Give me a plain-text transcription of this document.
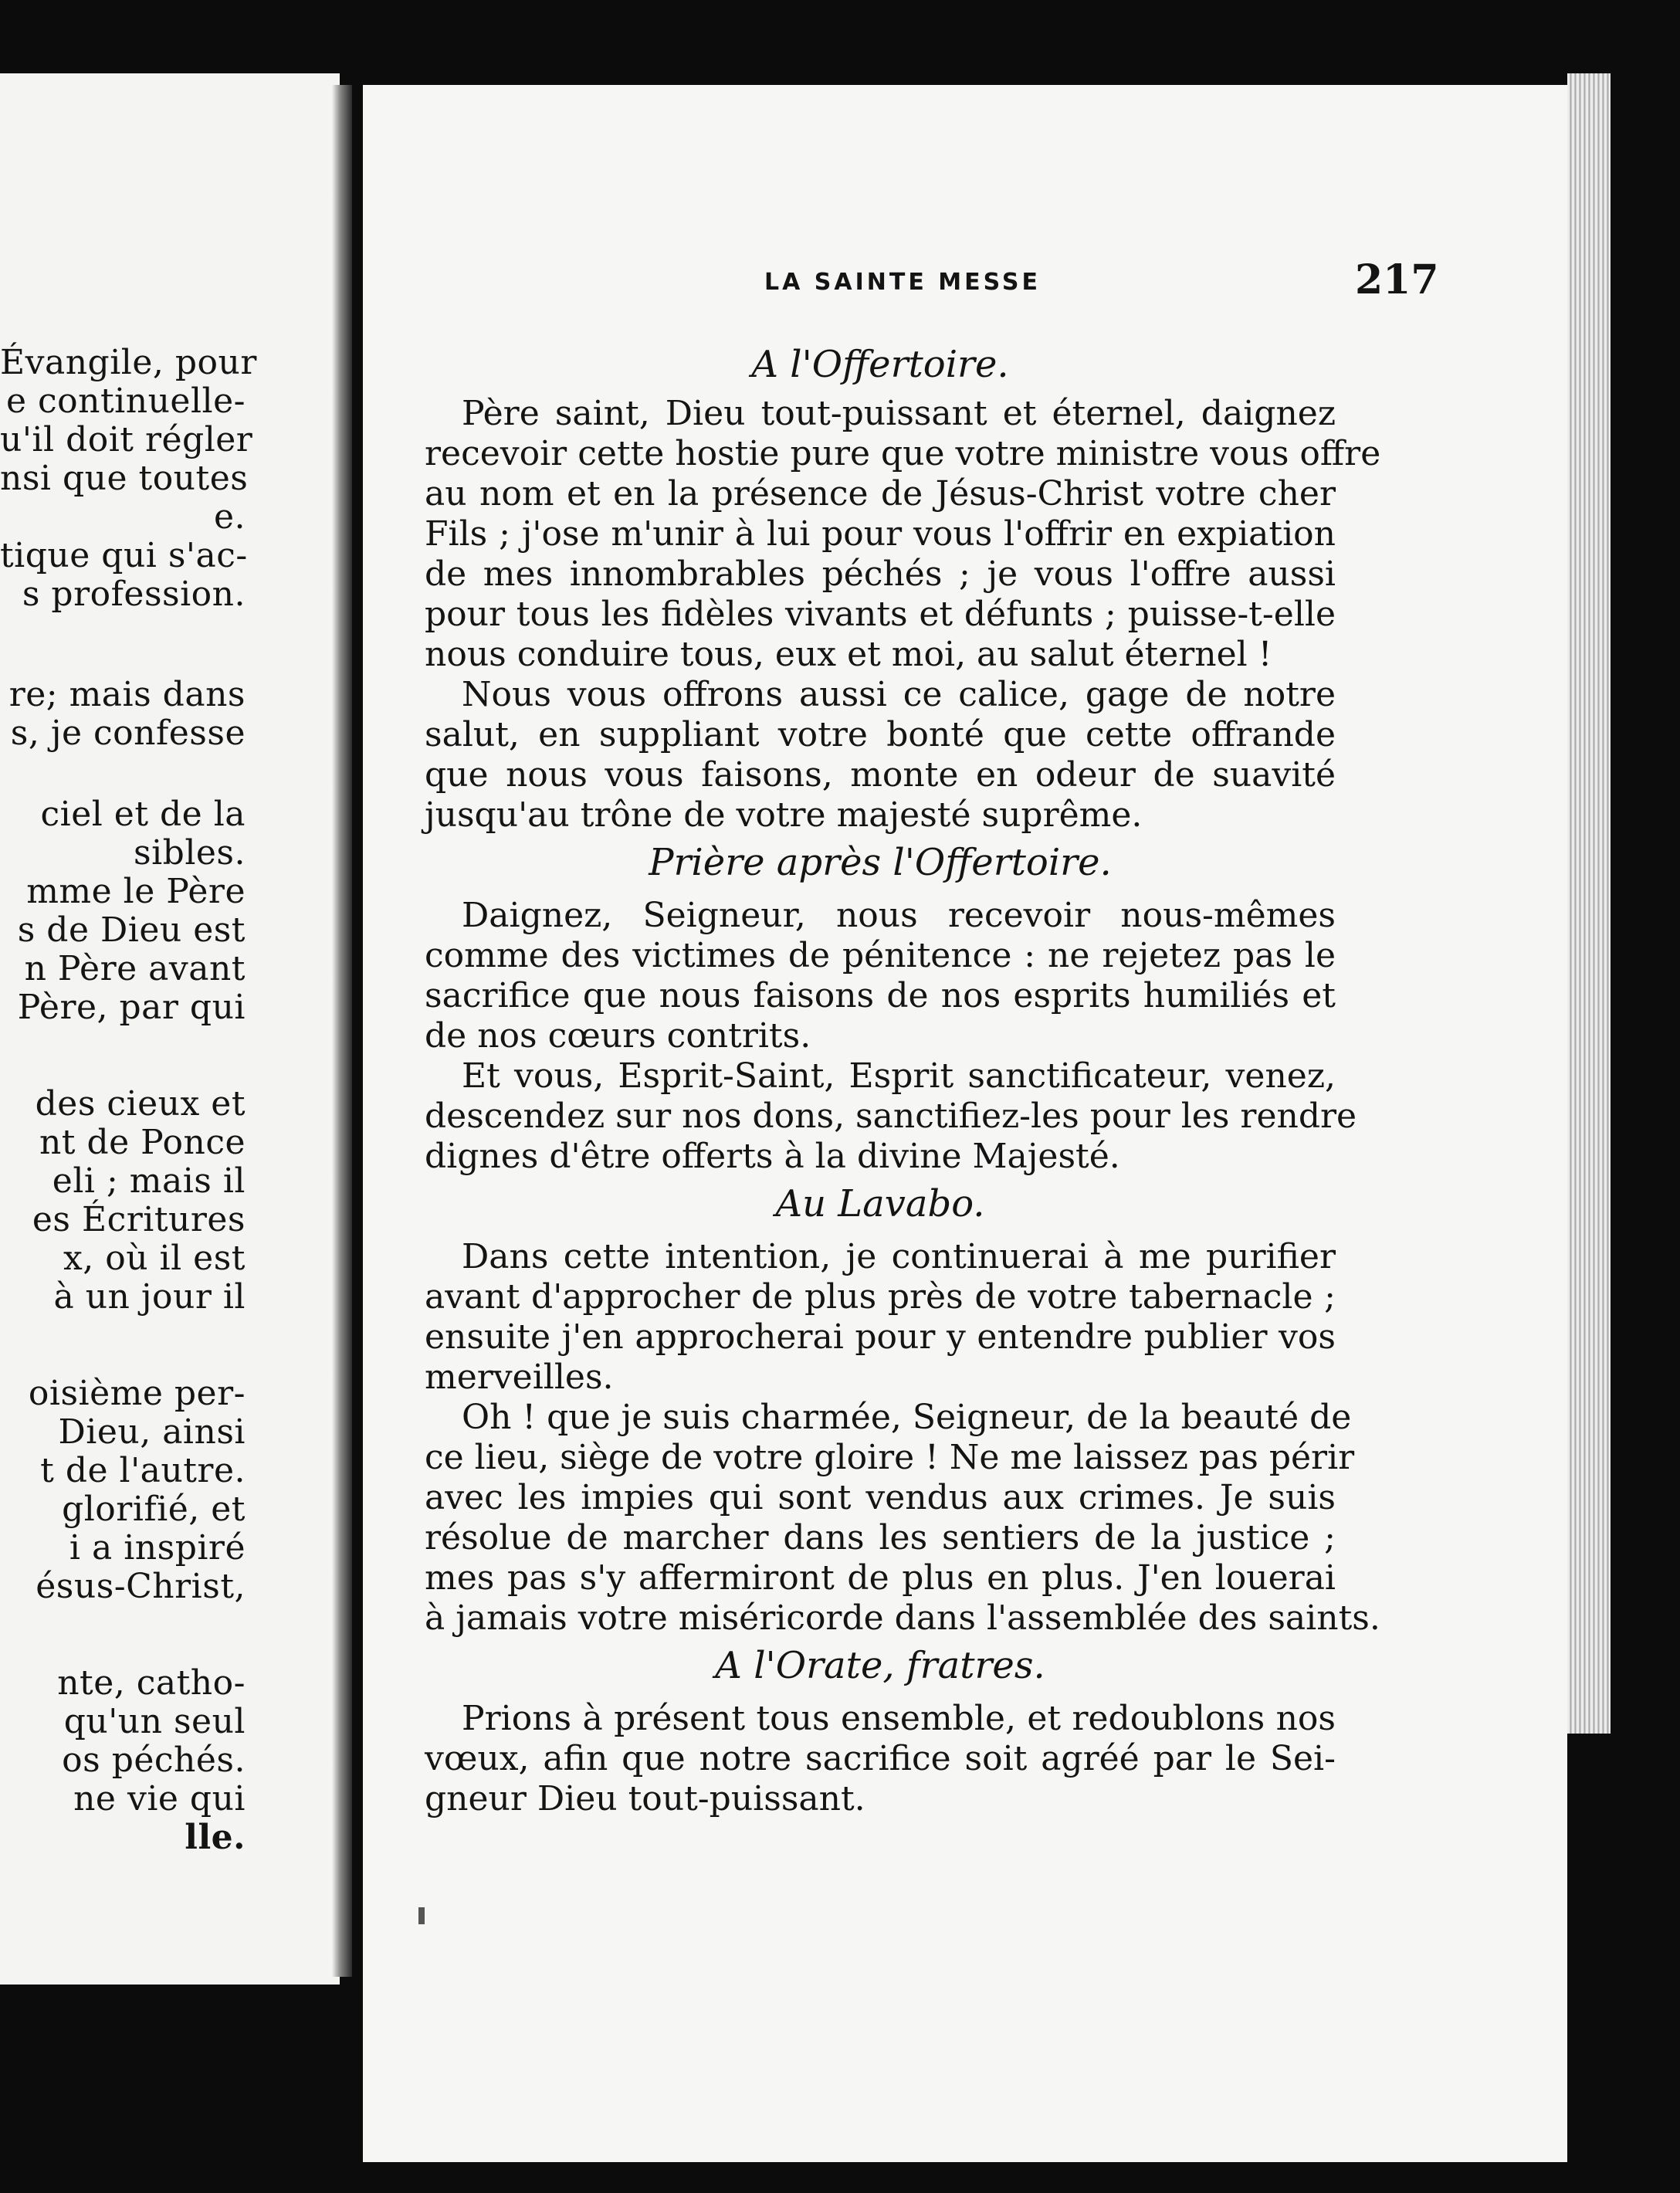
Évangile, pour
e continuelle-
u'il doit régler
nsi que toutes
e.
tique qui s'ac-
s profession.
re; mais dans
s, je confesse
ciel et de la
sibles.
mme le Père
s de Dieu est
n Père avant
Père, par qui
des cieux et
nt de Ponce
eli ; mais il
es Écritures
x, où il est
à un jour il
oisième per-
Dieu, ainsi
t de l'autre.
glorifié, et
i a inspiré
ésus-Christ,
nte, catho-
qu'un seul
os péchés.
ne vie qui
lle.
LA SAINTE MESSE	217
A l'Offertoire.
Père saint, Dieu tout-puissant et éternel, daignez
recevoir cette hostie pure que votre ministre vous offre
au nom et en la présence de Jésus-Christ votre cher
Fils ; j'ose m'unir à lui pour vous l'offrir en expiation
de mes innombrables péchés ; je vous l'offre aussi
pour tous les fidèles vivants et défunts ; puisse-t-elle
nous conduire tous, eux et moi, au salut éternel !
Nous vous offrons aussi ce calice, gage de notre
salut, en suppliant votre bonté que cette offrande
que nous vous faisons, monte en odeur de suavité
jusqu'au trône de votre majesté suprême.
Prière après l'Offertoire.
Daignez, Seigneur, nous recevoir nous-mêmes
comme des victimes de pénitence : ne rejetez pas le
sacrifice que nous faisons de nos esprits humiliés et
de nos cœurs contrits.
Et vous, Esprit-Saint, Esprit sanctificateur, venez,
descendez sur nos dons, sanctifiez-les pour les rendre
dignes d'être offerts à la divine Majesté.
Au Lavabo.
Dans cette intention, je continuerai à me purifier
avant d'approcher de plus près de votre tabernacle ;
ensuite j'en approcherai pour y entendre publier vos
merveilles.
Oh ! que je suis charmée, Seigneur, de la beauté de
ce lieu, siège de votre gloire ! Ne me laissez pas périr
avec les impies qui sont vendus aux crimes. Je suis
résolue de marcher dans les sentiers de la justice ;
mes pas s'y affermiront de plus en plus. J'en louerai
à jamais votre miséricorde dans l'assemblée des saints.
A l'Orate, fratres.
Prions à présent tous ensemble, et redoublons nos
vœux, afin que notre sacrifice soit agréé par le Sei-
gneur Dieu tout-puissant.
